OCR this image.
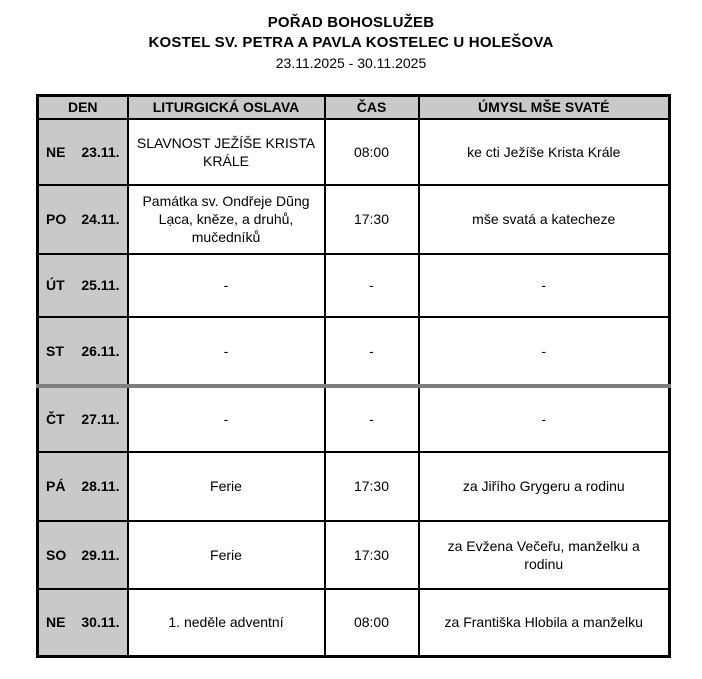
POŘAD BOHOSLUŽEB
KOSTEL SV. PETRA A PAVLA KOSTELEC U HOLEŠOVA
23.11.2025 - 30.11.2025
DEN	LITURGICKÁ OSLAVA	ČAS	ÚMYSL MŠE SVATÉ

NE 23.11.	SLAVNOST JEŽÍŠE KRISTA KRÁLE	08:00	ke cti Ježíše Krista Krále

PO 24.11.	Památka sv. Ondřeje Dũng Lạca, kněze, a druhů, mučedníků	17:30	mše svatá a katecheze

ÚT 25.11.	-	-	-

ST 26.11.	-	-	-

ČT 27.11.	-	-	-

PÁ 28.11.	Ferie	17:30	za Jiřího Grygeru a rodinu

SO 29.11.	Ferie	17:30	za Evžena Večeřu, manželku a rodinu

NE 30.11.	1. neděle adventní	08:00	za Františka Hlobila a manželku
